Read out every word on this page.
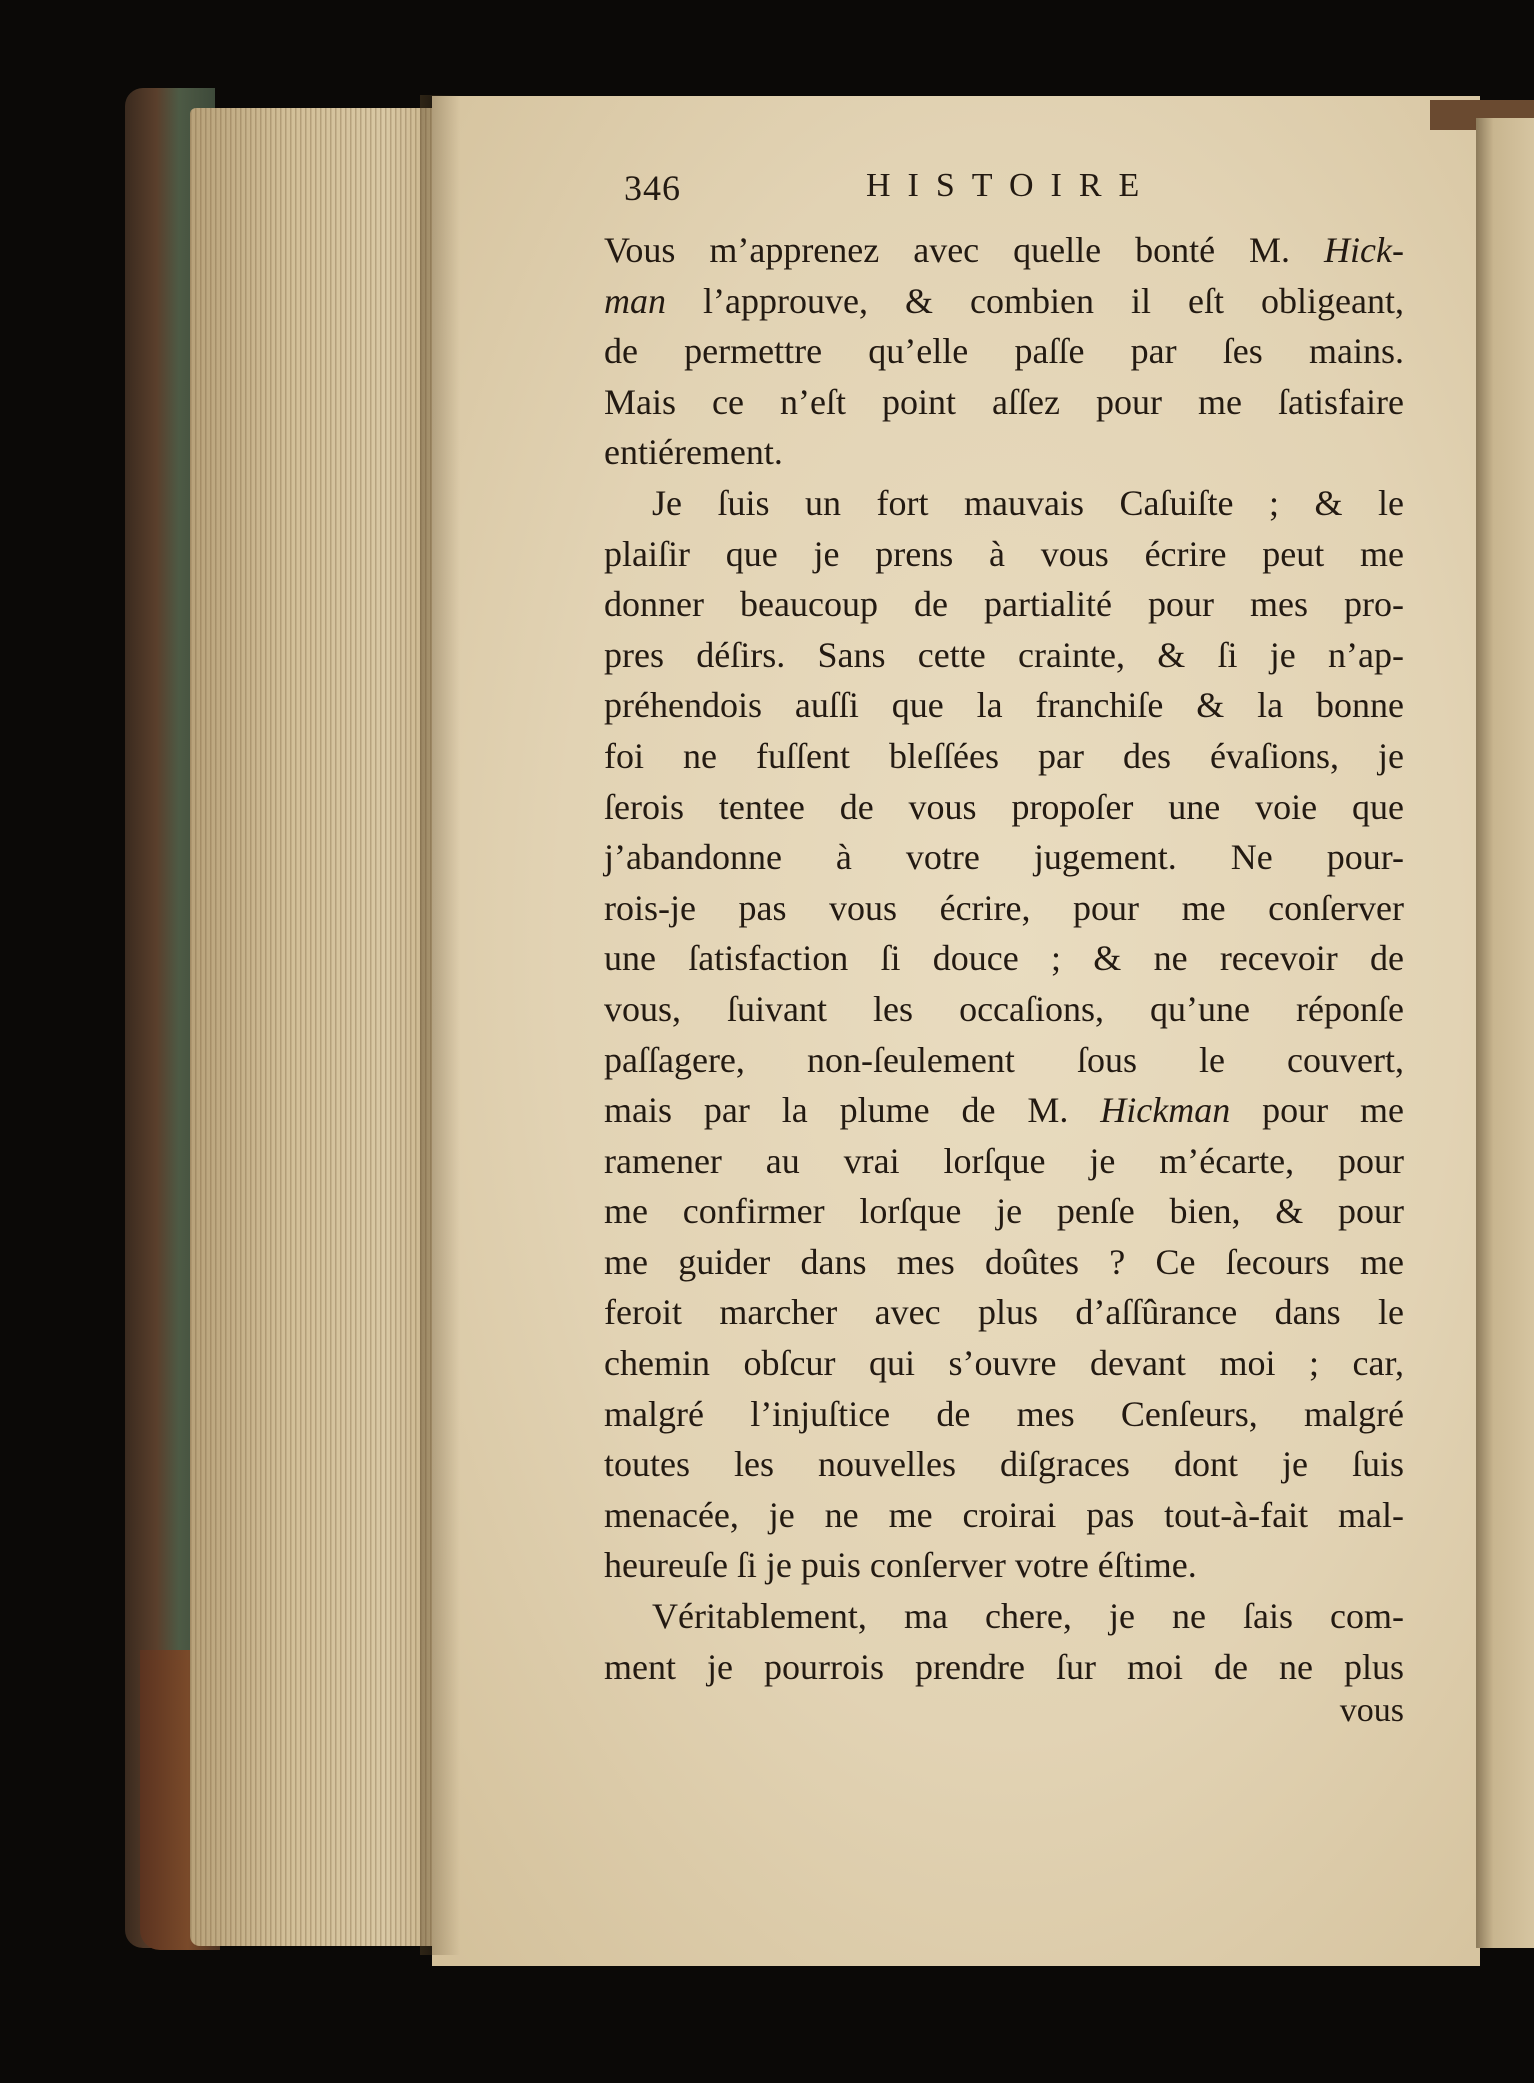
346	HISTOIRE
Vous m’apprenez avec quelle bonté M. Hick-
man l’approuve, & combien il eſt obligeant,
de permettre qu’elle paſſe par ſes mains.
Mais ce n’eſt point aſſez pour me ſatisfaire
entiérement.
Je ſuis un fort mauvais Caſuiſte ; & le
plaiſir que je prens à vous écrire peut me
donner beaucoup de partialité pour mes pro-
pres déſirs. Sans cette crainte, & ſi je n’ap-
préhendois auſſi que la franchiſe & la bonne
foi ne fuſſent bleſſées par des évaſions, je
ſerois tentee de vous propoſer une voie que
j’abandonne à votre jugement. Ne pour-
rois-je pas vous écrire, pour me conſerver
une ſatisfaction ſi douce ; & ne recevoir de
vous, ſuivant les occaſions, qu’une réponſe
paſſagere, non-ſeulement ſous le couvert,
mais par la plume de M. Hickman pour me
ramener au vrai lorſque je m’écarte, pour
me confirmer lorſque je penſe bien, & pour
me guider dans mes doûtes ? Ce ſecours me
feroit marcher avec plus d’aſſûrance dans le
chemin obſcur qui s’ouvre devant moi ; car,
malgré l’injuſtice de mes Cenſeurs, malgré
toutes les nouvelles diſgraces dont je ſuis
menacée, je ne me croirai pas tout-à-fait mal-
heureuſe ſi je puis conſerver votre éſtime.
Véritablement, ma chere, je ne ſais com-
ment je pourrois prendre ſur moi de ne plus
vous
